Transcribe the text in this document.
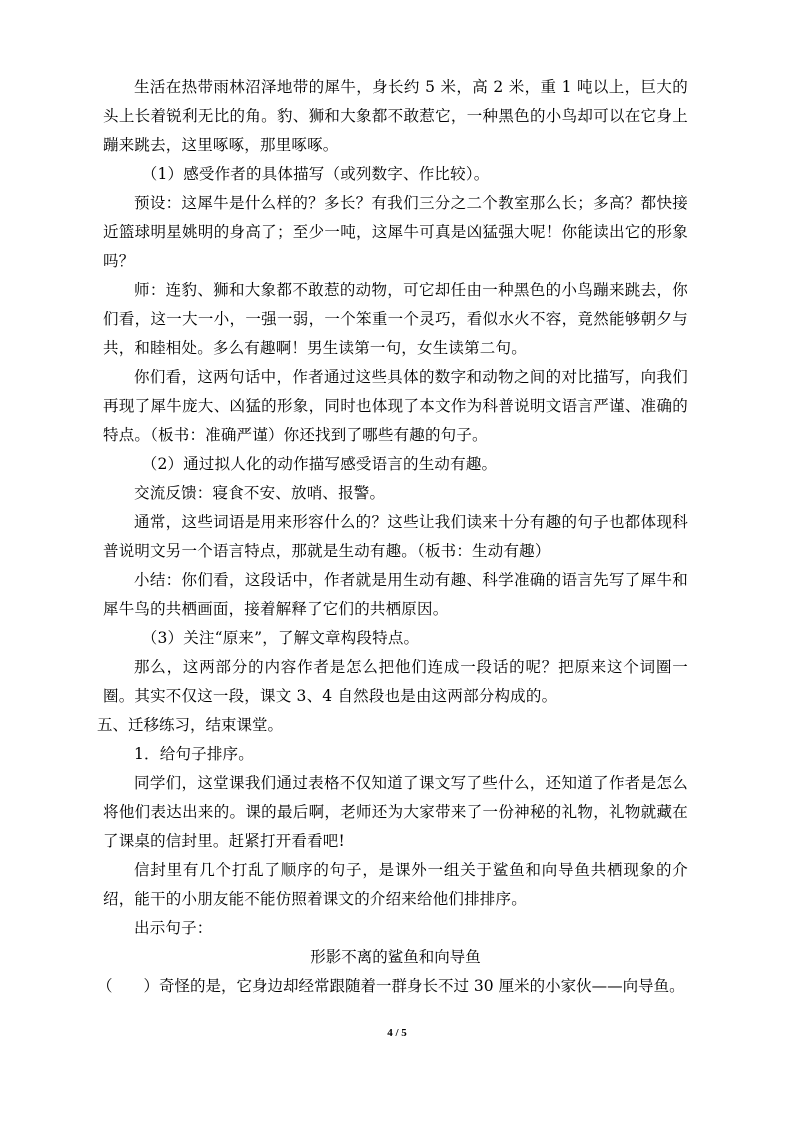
生活在热带雨林沼泽地带的犀牛，身长约 5 米，高 2 米，重 1 吨以上，巨大的头上长着锐利无比的角。豹、狮和大象都不敢惹它，一种黑色的小鸟却可以在它身上蹦来跳去，这里啄啄，那里啄啄。

（1）感受作者的具体描写（或列数字、作比较）。

预设：这犀牛是什么样的？多长？有我们三分之二个教室那么长；多高？都快接近篮球明星姚明的身高了；至少一吨，这犀牛可真是凶猛强大呢！你能读出它的形象吗？

师：连豹、狮和大象都不敢惹的动物，可它却任由一种黑色的小鸟蹦来跳去，你们看，这一大一小，一强一弱，一个笨重一个灵巧，看似水火不容，竟然能够朝夕与共，和睦相处。多么有趣啊！男生读第一句，女生读第二句。

你们看，这两句话中，作者通过这些具体的数字和动物之间的对比描写，向我们再现了犀牛庞大、凶猛的形象，同时也体现了本文作为科普说明文语言严谨、准确的特点。（板书：准确严谨）你还找到了哪些有趣的句子。

（2）通过拟人化的动作描写感受语言的生动有趣。

交流反馈：寝食不安、放哨、报警。

通常，这些词语是用来形容什么的？这些让我们读来十分有趣的句子也都体现科普说明文另一个语言特点，那就是生动有趣。（板书：生动有趣）

小结：你们看，这段话中，作者就是用生动有趣、科学准确的语言先写了犀牛和犀牛鸟的共栖画面，接着解释了它们的共栖原因。

（3）关注“原来”，了解文章构段特点。

那么，这两部分的内容作者是怎么把他们连成一段话的呢？把原来这个词圈一圈。其实不仅这一段，课文 3、4 自然段也是由这两部分构成的。

五、迁移练习，结束课堂。

1．给句子排序。

同学们，这堂课我们通过表格不仅知道了课文写了些什么，还知道了作者是怎么将他们表达出来的。课的最后啊，老师还为大家带来了一份神秘的礼物，礼物就藏在了课桌的信封里。赶紧打开看看吧!

信封里有几个打乱了顺序的句子，是课外一组关于鲨鱼和向导鱼共栖现象的介绍，能干的小朋友能不能仿照着课文的介绍来给他们排排序。

出示句子：

形影不离的鲨鱼和向导鱼

（　　）奇怪的是，它身边却经常跟随着一群身长不过 30 厘米的小家伙——向导鱼。

4 / 5
